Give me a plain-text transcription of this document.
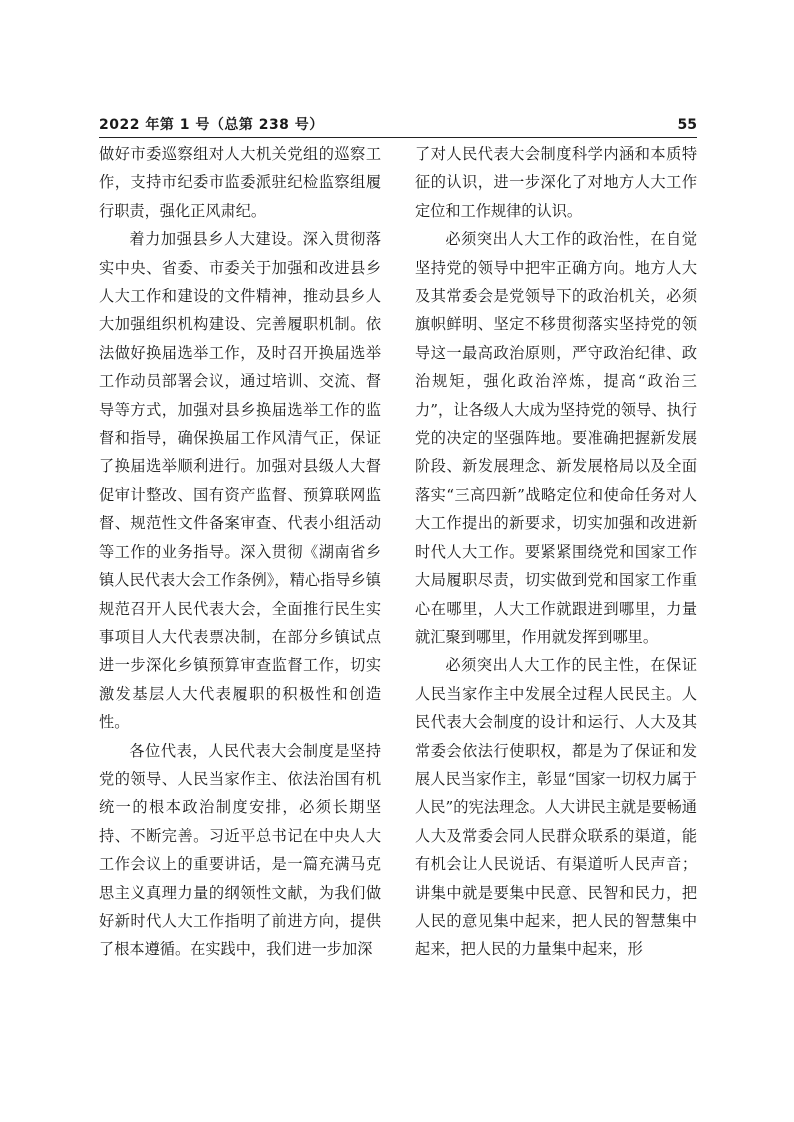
2022 年第 1 号（总第 238 号）	55

做好市委巡察组对人大机关党组的巡察工作，支持市纪委市监委派驻纪检监察组履行职责，强化正风肃纪。

着力加强县乡人大建设。深入贯彻落实中央、省委、市委关于加强和改进县乡人大工作和建设的文件精神，推动县乡人大加强组织机构建设、完善履职机制。依法做好换届选举工作，及时召开换届选举工作动员部署会议，通过培训、交流、督导等方式，加强对县乡换届选举工作的监督和指导，确保换届工作风清气正，保证了换届选举顺利进行。加强对县级人大督促审计整改、国有资产监督、预算联网监督、规范性文件备案审查、代表小组活动等工作的业务指导。深入贯彻《湖南省乡镇人民代表大会工作条例》，精心指导乡镇规范召开人民代表大会，全面推行民生实事项目人大代表票决制，在部分乡镇试点进一步深化乡镇预算审查监督工作，切实激发基层人大代表履职的积极性和创造性。

各位代表，人民代表大会制度是坚持党的领导、人民当家作主、依法治国有机统一的根本政治制度安排，必须长期坚持、不断完善。习近平总书记在中央人大工作会议上的重要讲话，是一篇充满马克思主义真理力量的纲领性文献，为我们做好新时代人大工作指明了前进方向，提供了根本遵循。在实践中，我们进一步加深

了对人民代表大会制度科学内涵和本质特征的认识，进一步深化了对地方人大工作定位和工作规律的认识。

必须突出人大工作的政治性，在自觉坚持党的领导中把牢正确方向。地方人大及其常委会是党领导下的政治机关，必须旗帜鲜明、坚定不移贯彻落实坚持党的领导这一最高政治原则，严守政治纪律、政治规矩，强化政治淬炼，提高“政治三力”，让各级人大成为坚持党的领导、执行党的决定的坚强阵地。要准确把握新发展阶段、新发展理念、新发展格局以及全面落实“三高四新”战略定位和使命任务对人大工作提出的新要求，切实加强和改进新时代人大工作。要紧紧围绕党和国家工作大局履职尽责，切实做到党和国家工作重心在哪里，人大工作就跟进到哪里，力量就汇聚到哪里，作用就发挥到哪里。

必须突出人大工作的民主性，在保证人民当家作主中发展全过程人民民主。人民代表大会制度的设计和运行、人大及其常委会依法行使职权，都是为了保证和发展人民当家作主，彰显“国家一切权力属于人民”的宪法理念。人大讲民主就是要畅通人大及常委会同人民群众联系的渠道，能有机会让人民说话、有渠道听人民声音；讲集中就是要集中民意、民智和民力，把人民的意见集中起来，把人民的智慧集中起来，把人民的力量集中起来，形
